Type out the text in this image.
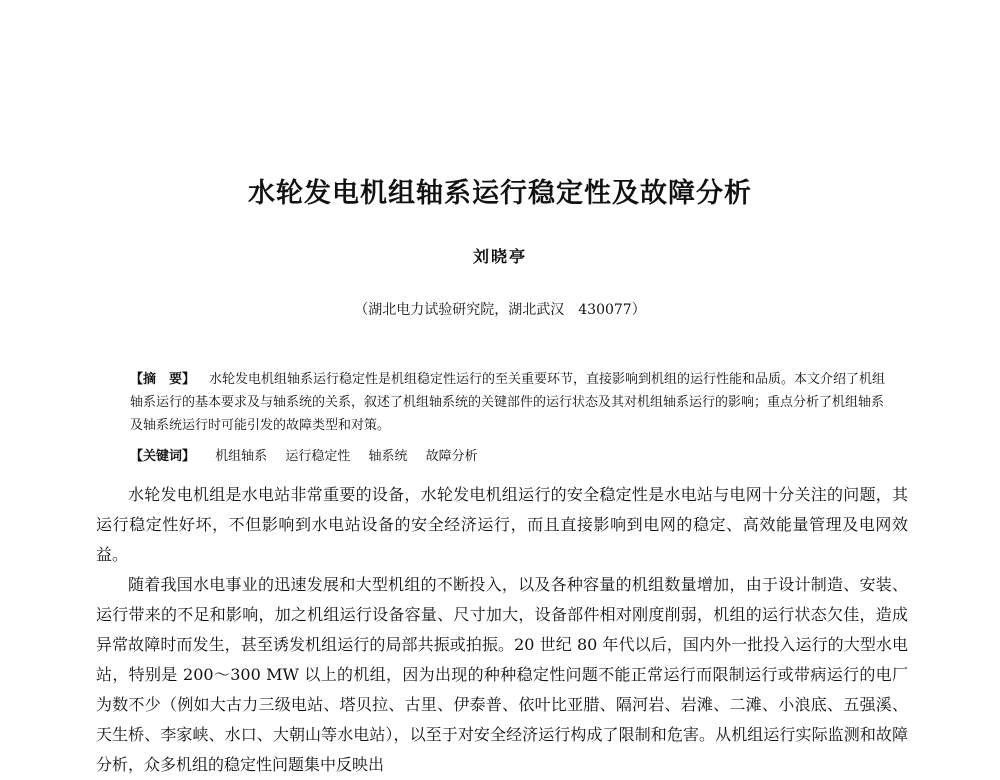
水轮发电机组轴系运行稳定性及故障分析
刘晓亭
（湖北电力试验研究院，湖北武汉　430077）
【摘　要】 水轮发电机组轴系运行稳定性是机组稳定性运行的至关重要环节，直接影响到机组的运行性能和品质。本文介绍了机组轴系运行的基本要求及与轴系统的关系，叙述了机组轴系统的关键部件的运行状态及其对机组轴系运行的影响；重点分析了机组轴系及轴系统运行时可能引发的故障类型和对策。
【关键词】 机组轴系 运行稳定性 轴系统 故障分析

水轮发电机组是水电站非常重要的设备，水轮发电机组运行的安全稳定性是水电站与电网十分关注的问题，其运行稳定性好坏，不但影响到水电站设备的安全经济运行，而且直接影响到电网的稳定、高效能量管理及电网效益。

随着我国水电事业的迅速发展和大型机组的不断投入，以及各种容量的机组数量增加，由于设计制造、安装、运行带来的不足和影响，加之机组运行设备容量、尺寸加大，设备部件相对刚度削弱，机组的运行状态欠佳，造成异常故障时而发生，甚至诱发机组运行的局部共振或拍振。20 世纪 80 年代以后，国内外一批投入运行的大型水电站，特别是 200～300 MW 以上的机组，因为出现的种种稳定性问题不能正常运行而限制运行或带病运行的电厂为数不少（例如大古力三级电站、塔贝拉、古里、伊泰普、依叶比亚腊、隔河岩、岩滩、二滩、小浪底、五强溪、天生桥、李家峡、水口、大朝山等水电站），以至于对安全经济运行构成了限制和危害。从机组运行实际监测和故障分析，众多机组的稳定性问题集中反映出
